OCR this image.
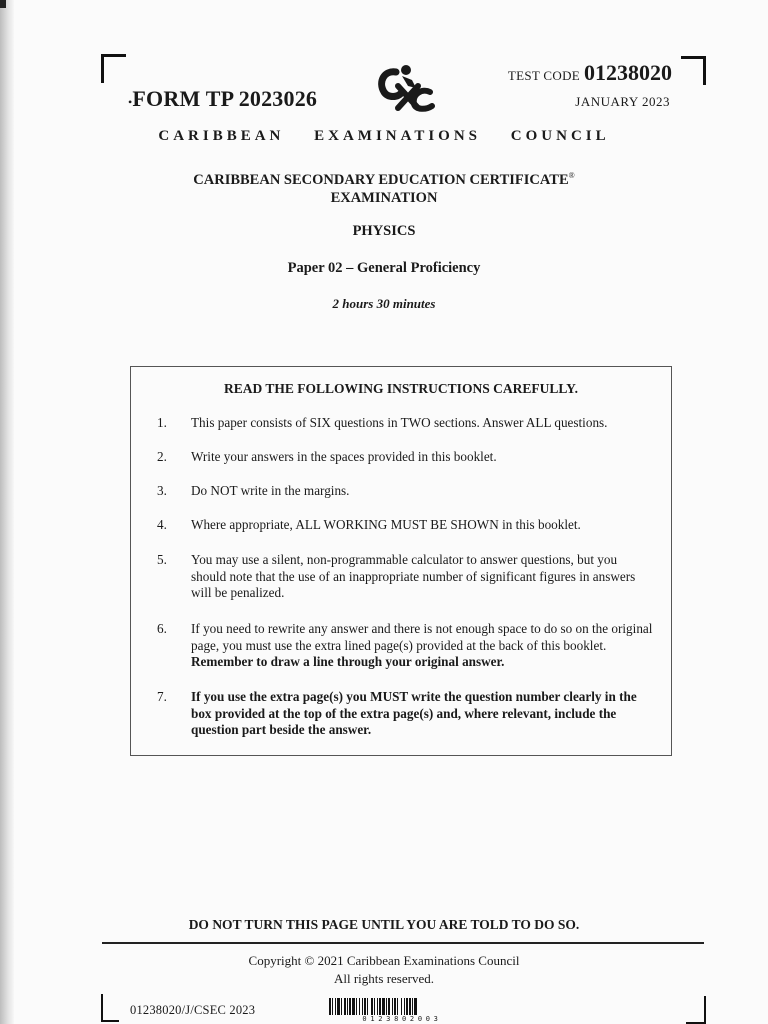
•FORM TP 2023026
TEST CODE 01238020
JANUARY 2023
CARIBBEAN EXAMINATIONS COUNCIL
CARIBBEAN SECONDARY EDUCATION CERTIFICATE®
EXAMINATION
PHYSICS
Paper 02 – General Proficiency
2 hours 30 minutes
READ THE FOLLOWING INSTRUCTIONS CAREFULLY.
1. This paper consists of SIX questions in TWO sections. Answer ALL questions.
2. Write your answers in the spaces provided in this booklet.
3. Do NOT write in the margins.
4. Where appropriate, ALL WORKING MUST BE SHOWN in this booklet.
5. You may use a silent, non-programmable calculator to answer questions, but you should note that the use of an inappropriate number of significant figures in answers will be penalized.
6. If you need to rewrite any answer and there is not enough space to do so on the original page, you must use the extra lined page(s) provided at the back of this booklet. Remember to draw a line through your original answer.
7. If you use the extra page(s) you MUST write the question number clearly in the box provided at the top of the extra page(s) and, where relevant, include the question part beside the answer.
DO NOT TURN THIS PAGE UNTIL YOU ARE TOLD TO DO SO.
Copyright © 2021 Caribbean Examinations Council
All rights reserved.
01238020/J/CSEC 2023
0123802003
